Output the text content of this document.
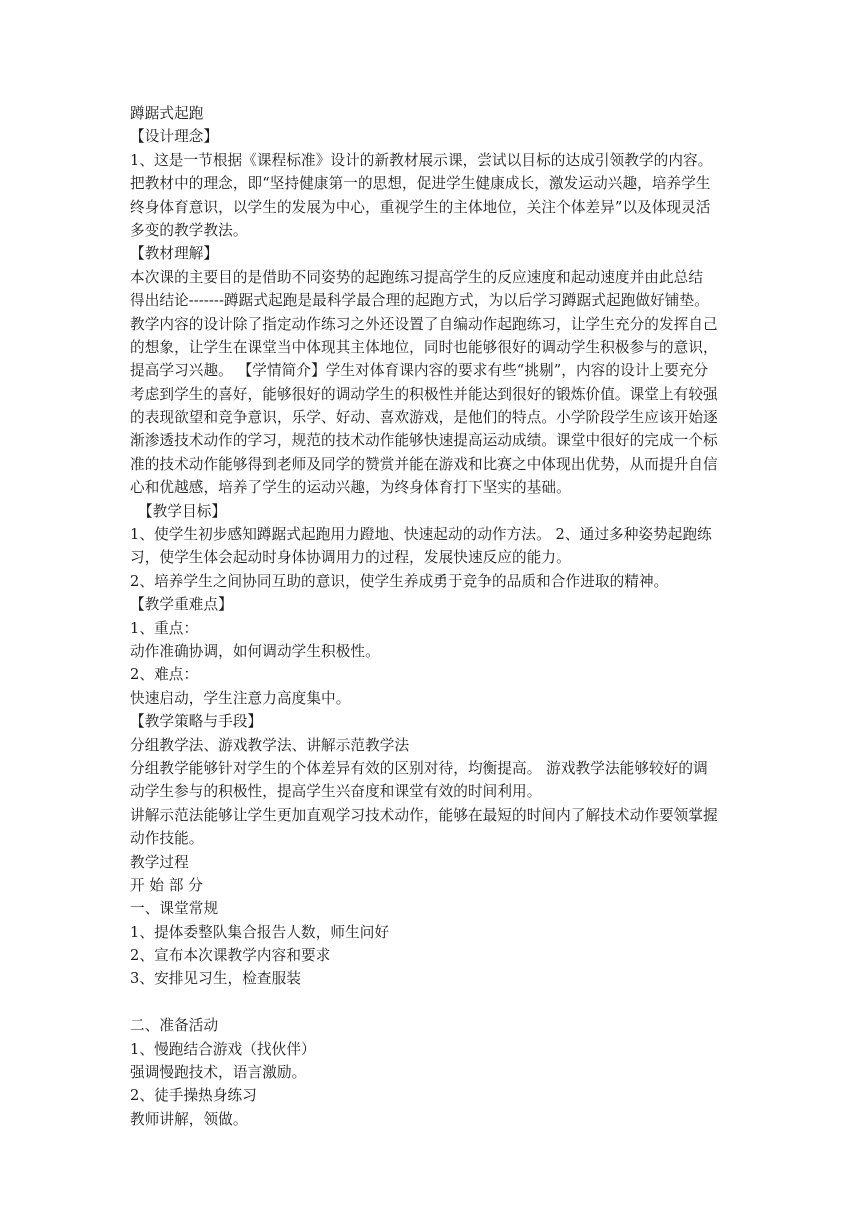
蹲踞式起跑
【设计理念】
1、这是一节根据《课程标准》设计的新教材展示课，尝试以目标的达成引领教学的内容。
把教材中的理念，即“坚持健康第一的思想，促进学生健康成长，激发运动兴趣，培养学生
终身体育意识，以学生的发展为中心，重视学生的主体地位，关注个体差异”以及体现灵活
多变的教学教法。
【教材理解】
本次课的主要目的是借助不同姿势的起跑练习提高学生的反应速度和起动速度并由此总结
得出结论-------蹲踞式起跑是最科学最合理的起跑方式，为以后学习蹲踞式起跑做好铺垫。
教学内容的设计除了指定动作练习之外还设置了自编动作起跑练习，让学生充分的发挥自己
的想象，让学生在课堂当中体现其主体地位，同时也能够很好的调动学生积极参与的意识，
提高学习兴趣。 【学情简介】学生对体育课内容的要求有些“挑剔”，内容的设计上要充分
考虑到学生的喜好，能够很好的调动学生的积极性并能达到很好的锻炼价值。课堂上有较强
的表现欲望和竞争意识，乐学、好动、喜欢游戏，是他们的特点。小学阶段学生应该开始逐
渐渗透技术动作的学习，规范的技术动作能够快速提高运动成绩。课堂中很好的完成一个标
准的技术动作能够得到老师及同学的赞赏并能在游戏和比赛之中体现出优势，从而提升自信
心和优越感，培养了学生的运动兴趣，为终身体育打下坚实的基础。
【教学目标】
1、使学生初步感知蹲踞式起跑用力蹬地、快速起动的动作方法。 2、通过多种姿势起跑练
习，使学生体会起动时身体协调用力的过程，发展快速反应的能力。
2、培养学生之间协同互助的意识，使学生养成勇于竞争的品质和合作进取的精神。
【教学重难点】
1、重点：
动作准确协调，如何调动学生积极性。
2、难点：
快速启动，学生注意力高度集中。
【教学策略与手段】
分组教学法、游戏教学法、讲解示范教学法
分组教学能够针对学生的个体差异有效的区别对待，均衡提高。 游戏教学法能够较好的调
动学生参与的积极性，提高学生兴奋度和课堂有效的时间利用。
讲解示范法能够让学生更加直观学习技术动作，能够在最短的时间内了解技术动作要领掌握
动作技能。
教学过程
开 始 部 分
一、课堂常规
1、提体委整队集合报告人数，师生问好
2、宣布本次课教学内容和要求
3、安排见习生，检查服装
二、准备活动
1、慢跑结合游戏（找伙伴）
强调慢跑技术，语言激励。
2、徒手操热身练习
教师讲解，领做。
